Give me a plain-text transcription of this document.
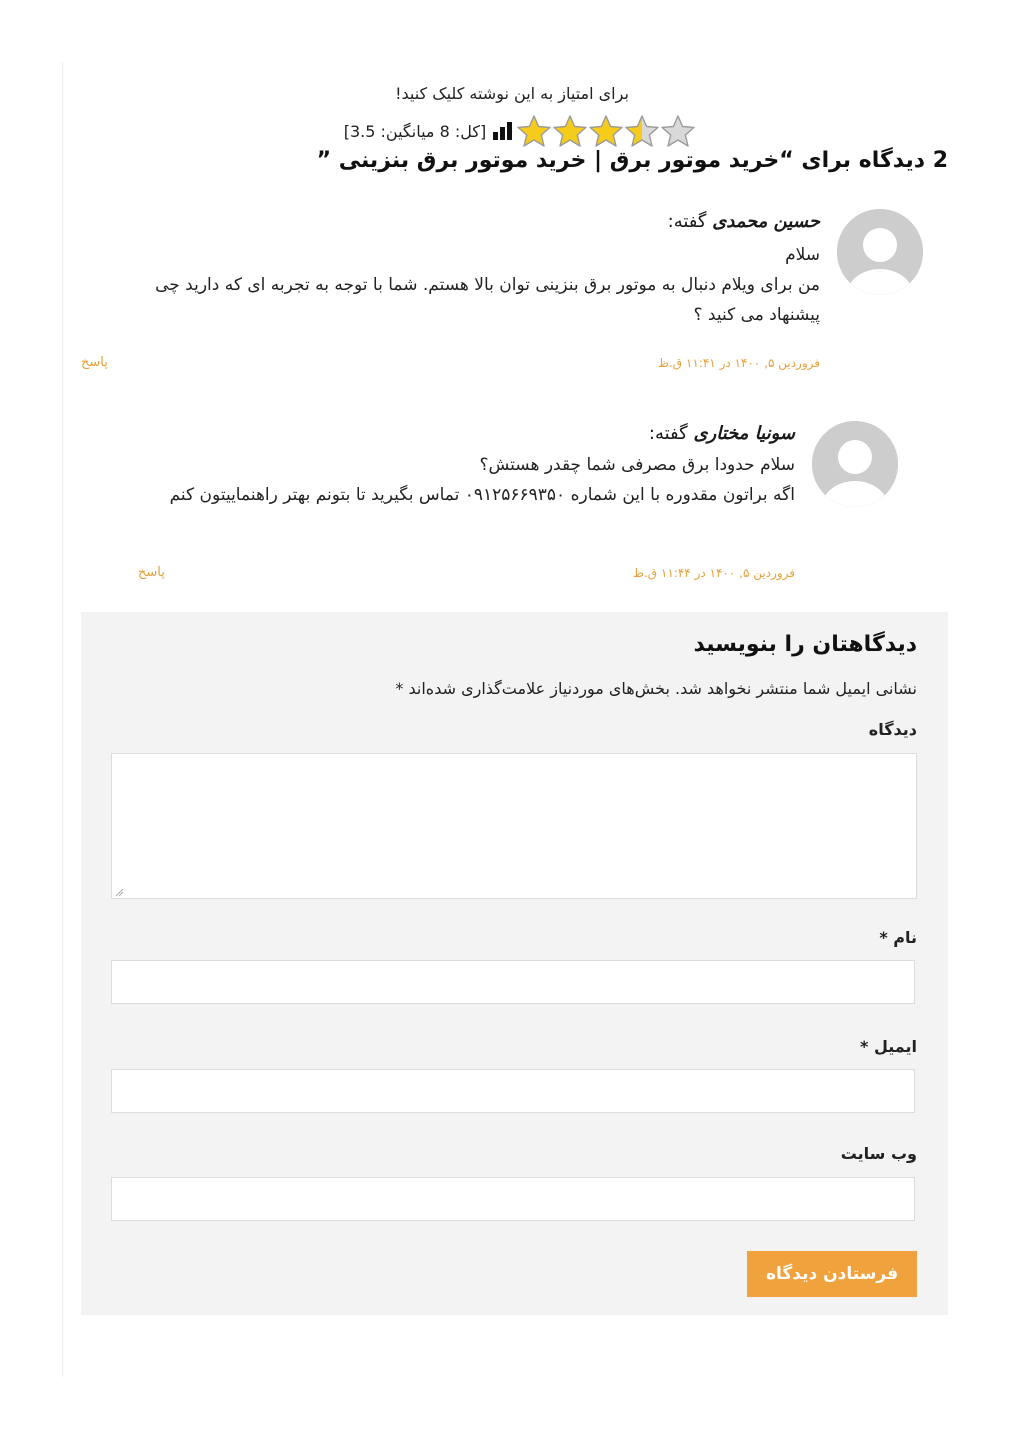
برای امتیاز به این نوشته کلیک کنید!
[کل:

8

میانگین:

3.5]
2 دیدگاه برای “خرید موتور برق | خرید موتور برق بنزینی ”
حسین محمدی گفته:

سلام

من برای ویلام دنبال به موتور برق بنزینی توان بالا هستم. شما با توجه به تجربه ای که دارید چی پیشنهاد می کنید ؟

فروردین ۵, ۱۴۰۰ در ۱۱:۴۱ ق.ظ
پاسخ
سونیا مختاری گفته:

سلام حدودا برق مصرفی شما چقدر هستش؟

اگه براتون مقدوره با این شماره ۰۹۱۲۵۶۶۹۳۵۰ تماس بگیرید تا بتونم بهتر راهنماییتون کنم

فروردین ۵, ۱۴۰۰ در ۱۱:۴۴ ق.ظ
پاسخ
دیدگاهتان را بنویسید
نشانی ایمیل شما منتشر نخواهد شد. بخش‌های موردنیاز علامت‌گذاری شده‌اند *
دیدگاه
نام *
ایمیل *
وب سایت
فرستادن دیدگاه
